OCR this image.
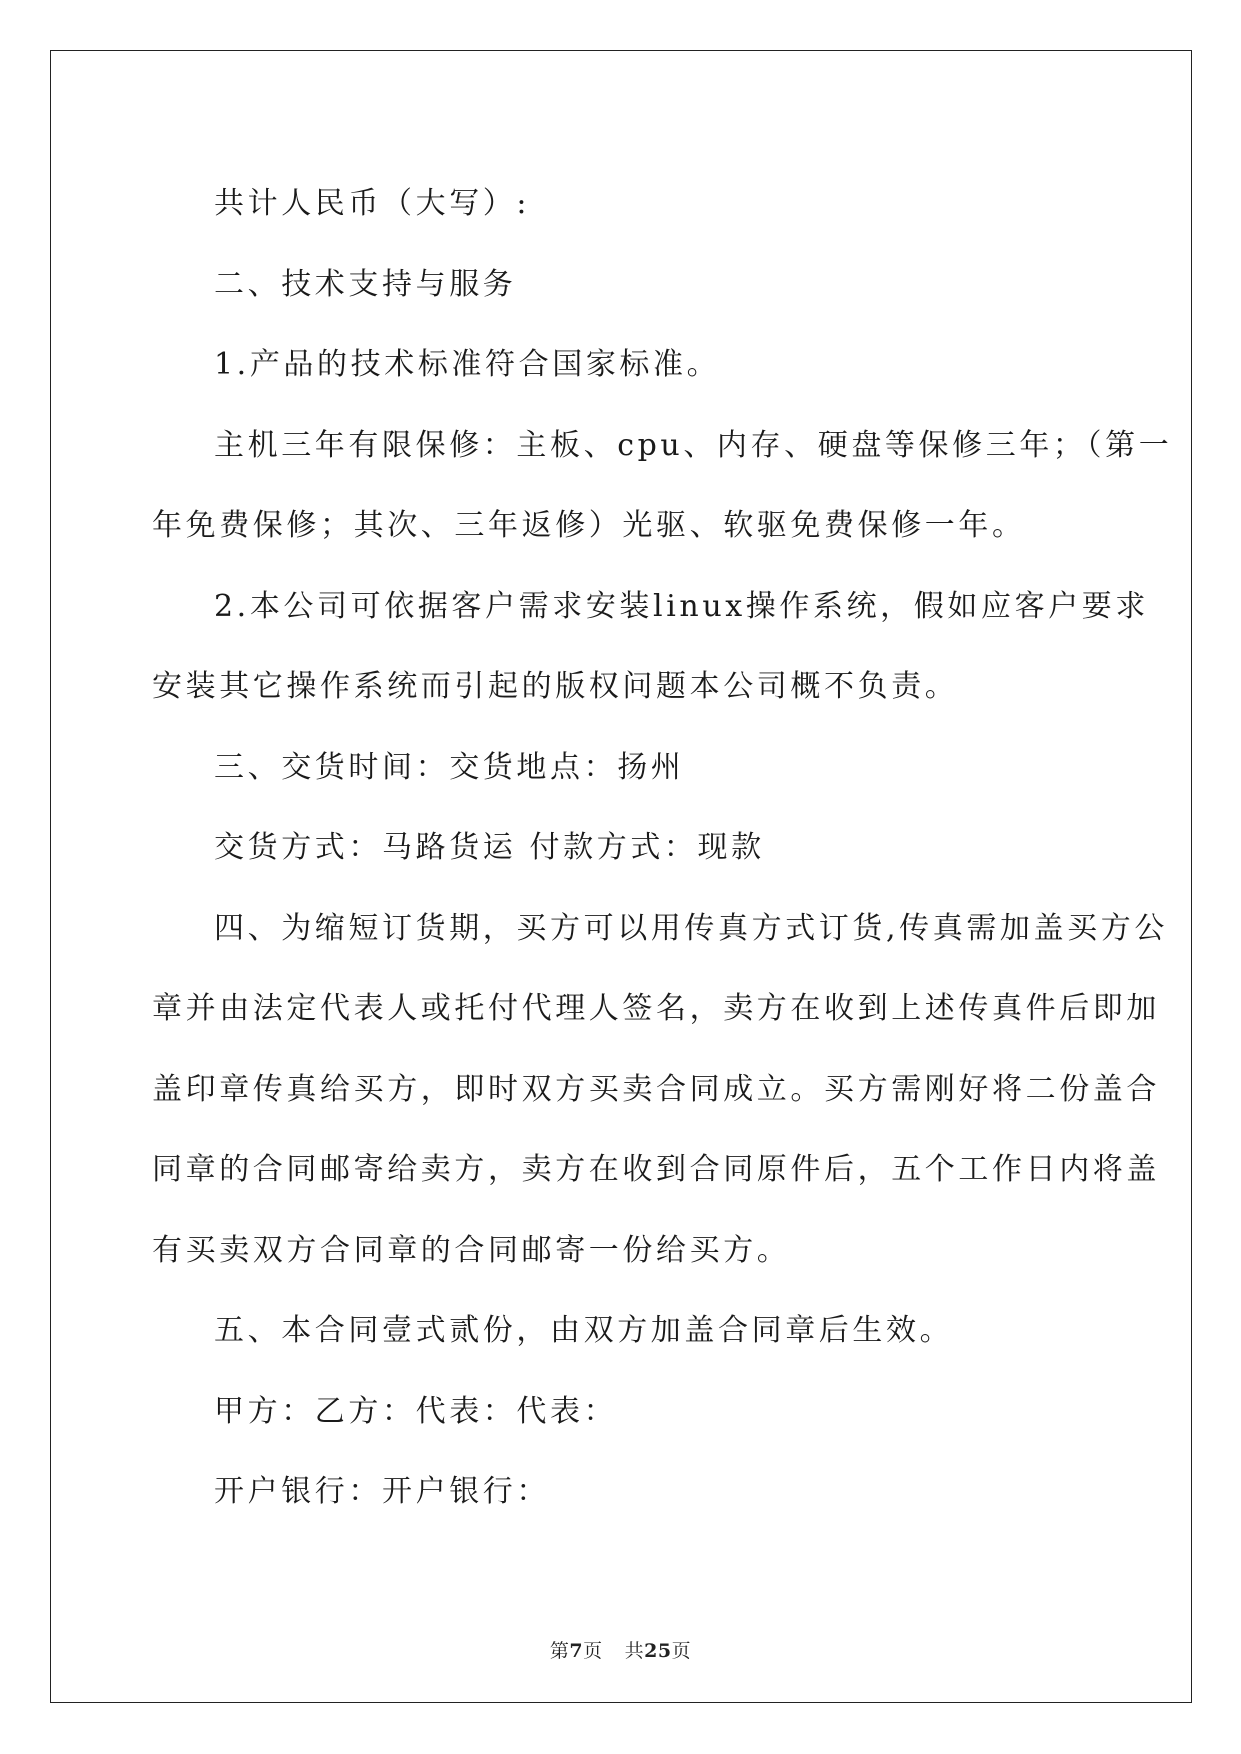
共计人民币（大写）:

二、技术支持与服务

1.产品的技术标准符合国家标准。

主机三年有限保修：主板、cpu、内存、硬盘等保修三年；（第一

年免费保修；其次、三年返修）光驱、软驱免费保修一年。

2.本公司可依据客户需求安装linux操作系统，假如应客户要求

安装其它操作系统而引起的版权问题本公司概不负责。

三、交货时间：交货地点：扬州

交货方式：马路货运 付款方式：现款

四、为缩短订货期，买方可以用传真方式订货,传真需加盖买方公

章并由法定代表人或托付代理人签名，卖方在收到上述传真件后即加

盖印章传真给买方，即时双方买卖合同成立。买方需刚好将二份盖合

同章的合同邮寄给卖方，卖方在收到合同原件后，五个工作日内将盖

有买卖双方合同章的合同邮寄一份给买方。

五、本合同壹式贰份，由双方加盖合同章后生效。

甲方：乙方：代表：代表：

开户银行：开户银行：

第7页 共25页
